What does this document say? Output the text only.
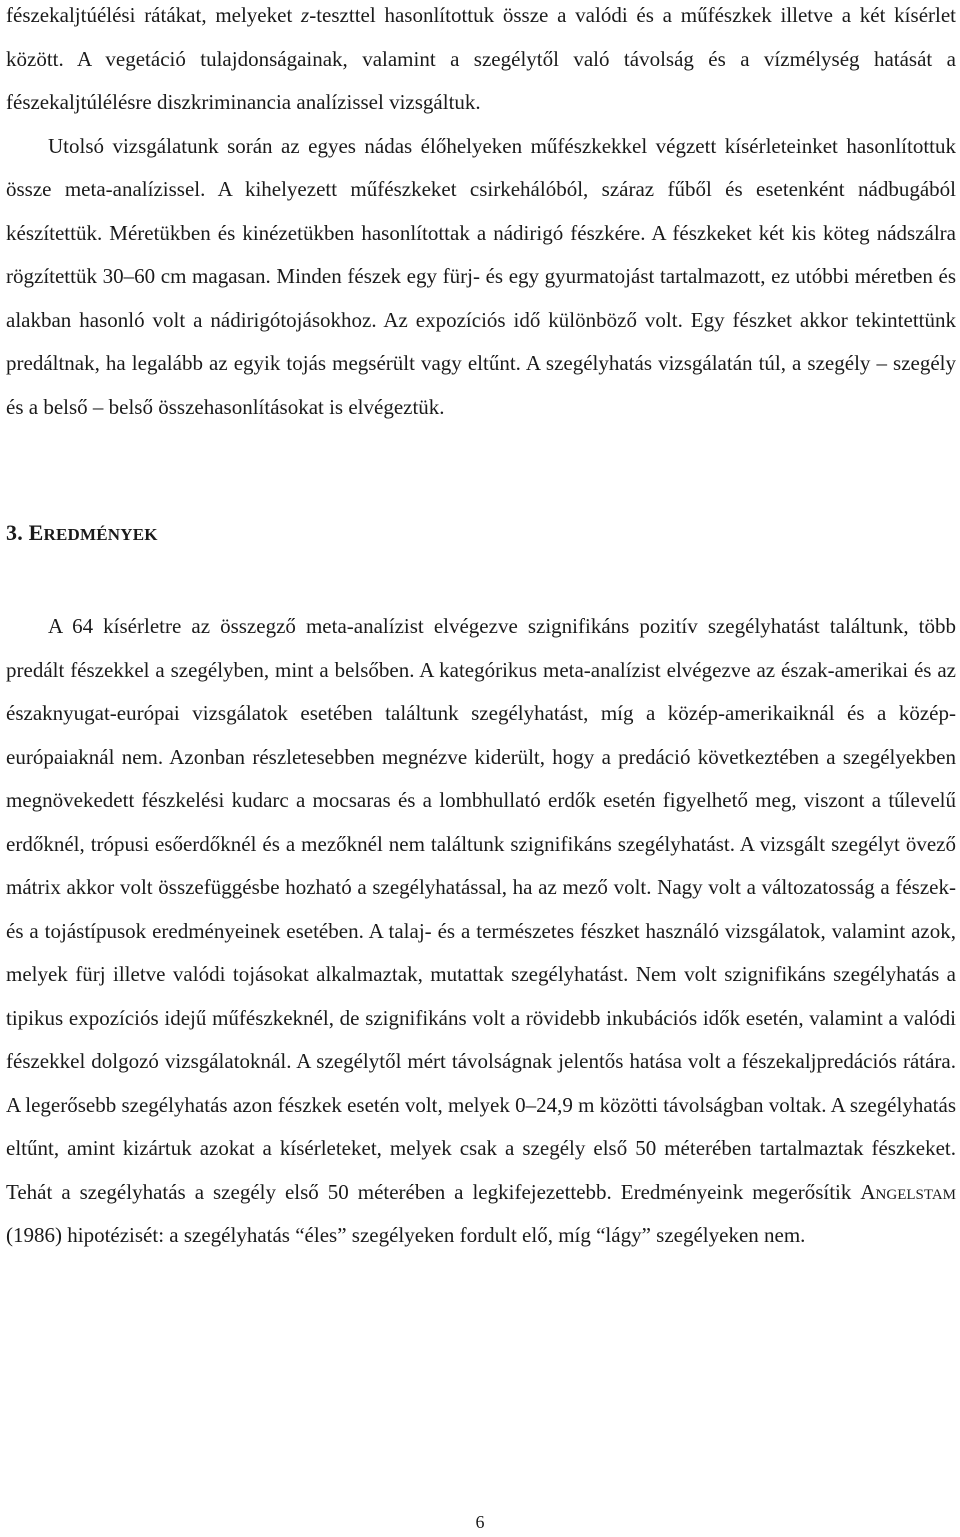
fészekaljtúélési rátákat, melyeket z-teszttel hasonlítottuk össze a valódi és a műfészkek illetve a két kísérlet között. A vegetáció tulajdonságainak, valamint a szegélytől való távolság és a vízmélység hatását a fészekaljtúlélésre diszkriminancia analízissel vizsgáltuk.
Utolsó vizsgálatunk során az egyes nádas élőhelyeken műfészkekkel végzett kísérleteinket hasonlítottuk össze meta-analízissel. A kihelyezett műfészkeket csirkehálóból, száraz fűből és esetenként nádbugából készítettük. Méretükben és kinézetükben hasonlítottak a nádirigó fészkére. A fészkeket két kis köteg nádszálra rögzítettük 30–60 cm magasan. Minden fészek egy fürj- és egy gyurmatojást tartalmazott, ez utóbbi méretben és alakban hasonló volt a nádirigótojásokhoz. Az expozíciós idő különböző volt. Egy fészket akkor tekintettünk predáltnak, ha legalább az egyik tojás megsérült vagy eltűnt. A szegélyhatás vizsgálatán túl, a szegély – szegély és a belső – belső összehasonlításokat is elvégeztük.

3. EREDMÉNYEK

A 64 kísérletre az összegző meta-analízist elvégezve szignifikáns pozitív szegélyhatást találtunk, több predált fészekkel a szegélyben, mint a belsőben. A kategórikus meta-analízist elvégezve az észak-amerikai és az északnyugat-európai vizsgálatok esetében találtunk szegélyhatást, míg a közép-amerikaiknál és a közép-európaiaknál nem. Azonban részletesebben megnézve kiderült, hogy a predáció következtében a szegélyekben megnövekedett fészkelési kudarc a mocsaras és a lombhullató erdők esetén figyelhető meg, viszont a tűlevelű erdőknél, trópusi esőerdőknél és a mezőknél nem találtunk szignifikáns szegélyhatást. A vizsgált szegélyt övező mátrix akkor volt összefüggésbe hozható a szegélyhatással, ha az mező volt. Nagy volt a változatosság a fészek- és a tojástípusok eredményeinek esetében. A talaj- és a természetes fészket használó vizsgálatok, valamint azok, melyek fürj illetve valódi tojásokat alkalmaztak, mutattak szegélyhatást. Nem volt szignifikáns szegélyhatás a tipikus expozíciós idejű műfészkeknél, de szignifikáns volt a rövidebb inkubációs idők esetén, valamint a valódi fészekkel dolgozó vizsgálatoknál. A szegélytől mért távolságnak jelentős hatása volt a fészekaljpredációs rátára. A legerősebb szegélyhatás azon fészkek esetén volt, melyek 0–24,9 m közötti távolságban voltak. A szegélyhatás eltűnt, amint kizártuk azokat a kísérleteket, melyek csak a szegély első 50 méterében tartalmaztak fészkeket. Tehát a szegélyhatás a szegély első 50 méterében a legkifejezettebb. Eredményeink megerősítik Angelstam (1986) hipotézisét: a szegélyhatás “éles” szegélyeken fordult elő, míg “lágy” szegélyeken nem.

6
